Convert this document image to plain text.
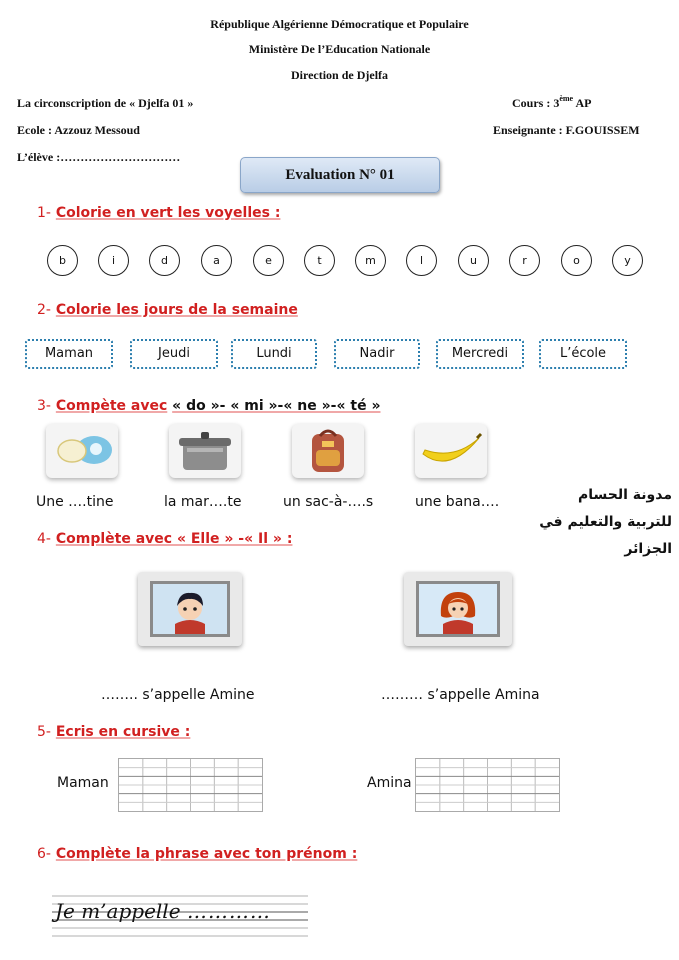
République Algérienne Démocratique et Populaire
Ministère De l’Education Nationale
Direction de Djelfa
La circonscription de « Djelfa 01 »	Cours : 3ème AP
Ecole : Azzouz Messoud	Enseignante : F.GOUISSEM
L’élève :…………………………
Evaluation N° 01
1- Colorie en vert les voyelles :
b	i	d	a	e	t	m	l	u	r	o	y
2- Colorie les jours de la semaine
Maman	Jeudi	Lundi	Nadir	Mercredi	L’école
3- Compète avec « do »- « mi »-« ne »-« té »
Une ….tine	la mar….te	un sac-à-….s	une bana….	مدونة الحسام
للتربية والتعليم في
الجزائر
4- Complète avec « Elle » -« Il » :
…….. s’appelle Amine	……… s’appelle Amina
5- Ecris en cursive :
Maman	Amina
6- Complète la phrase avec ton prénom :
Je m’appelle …………
